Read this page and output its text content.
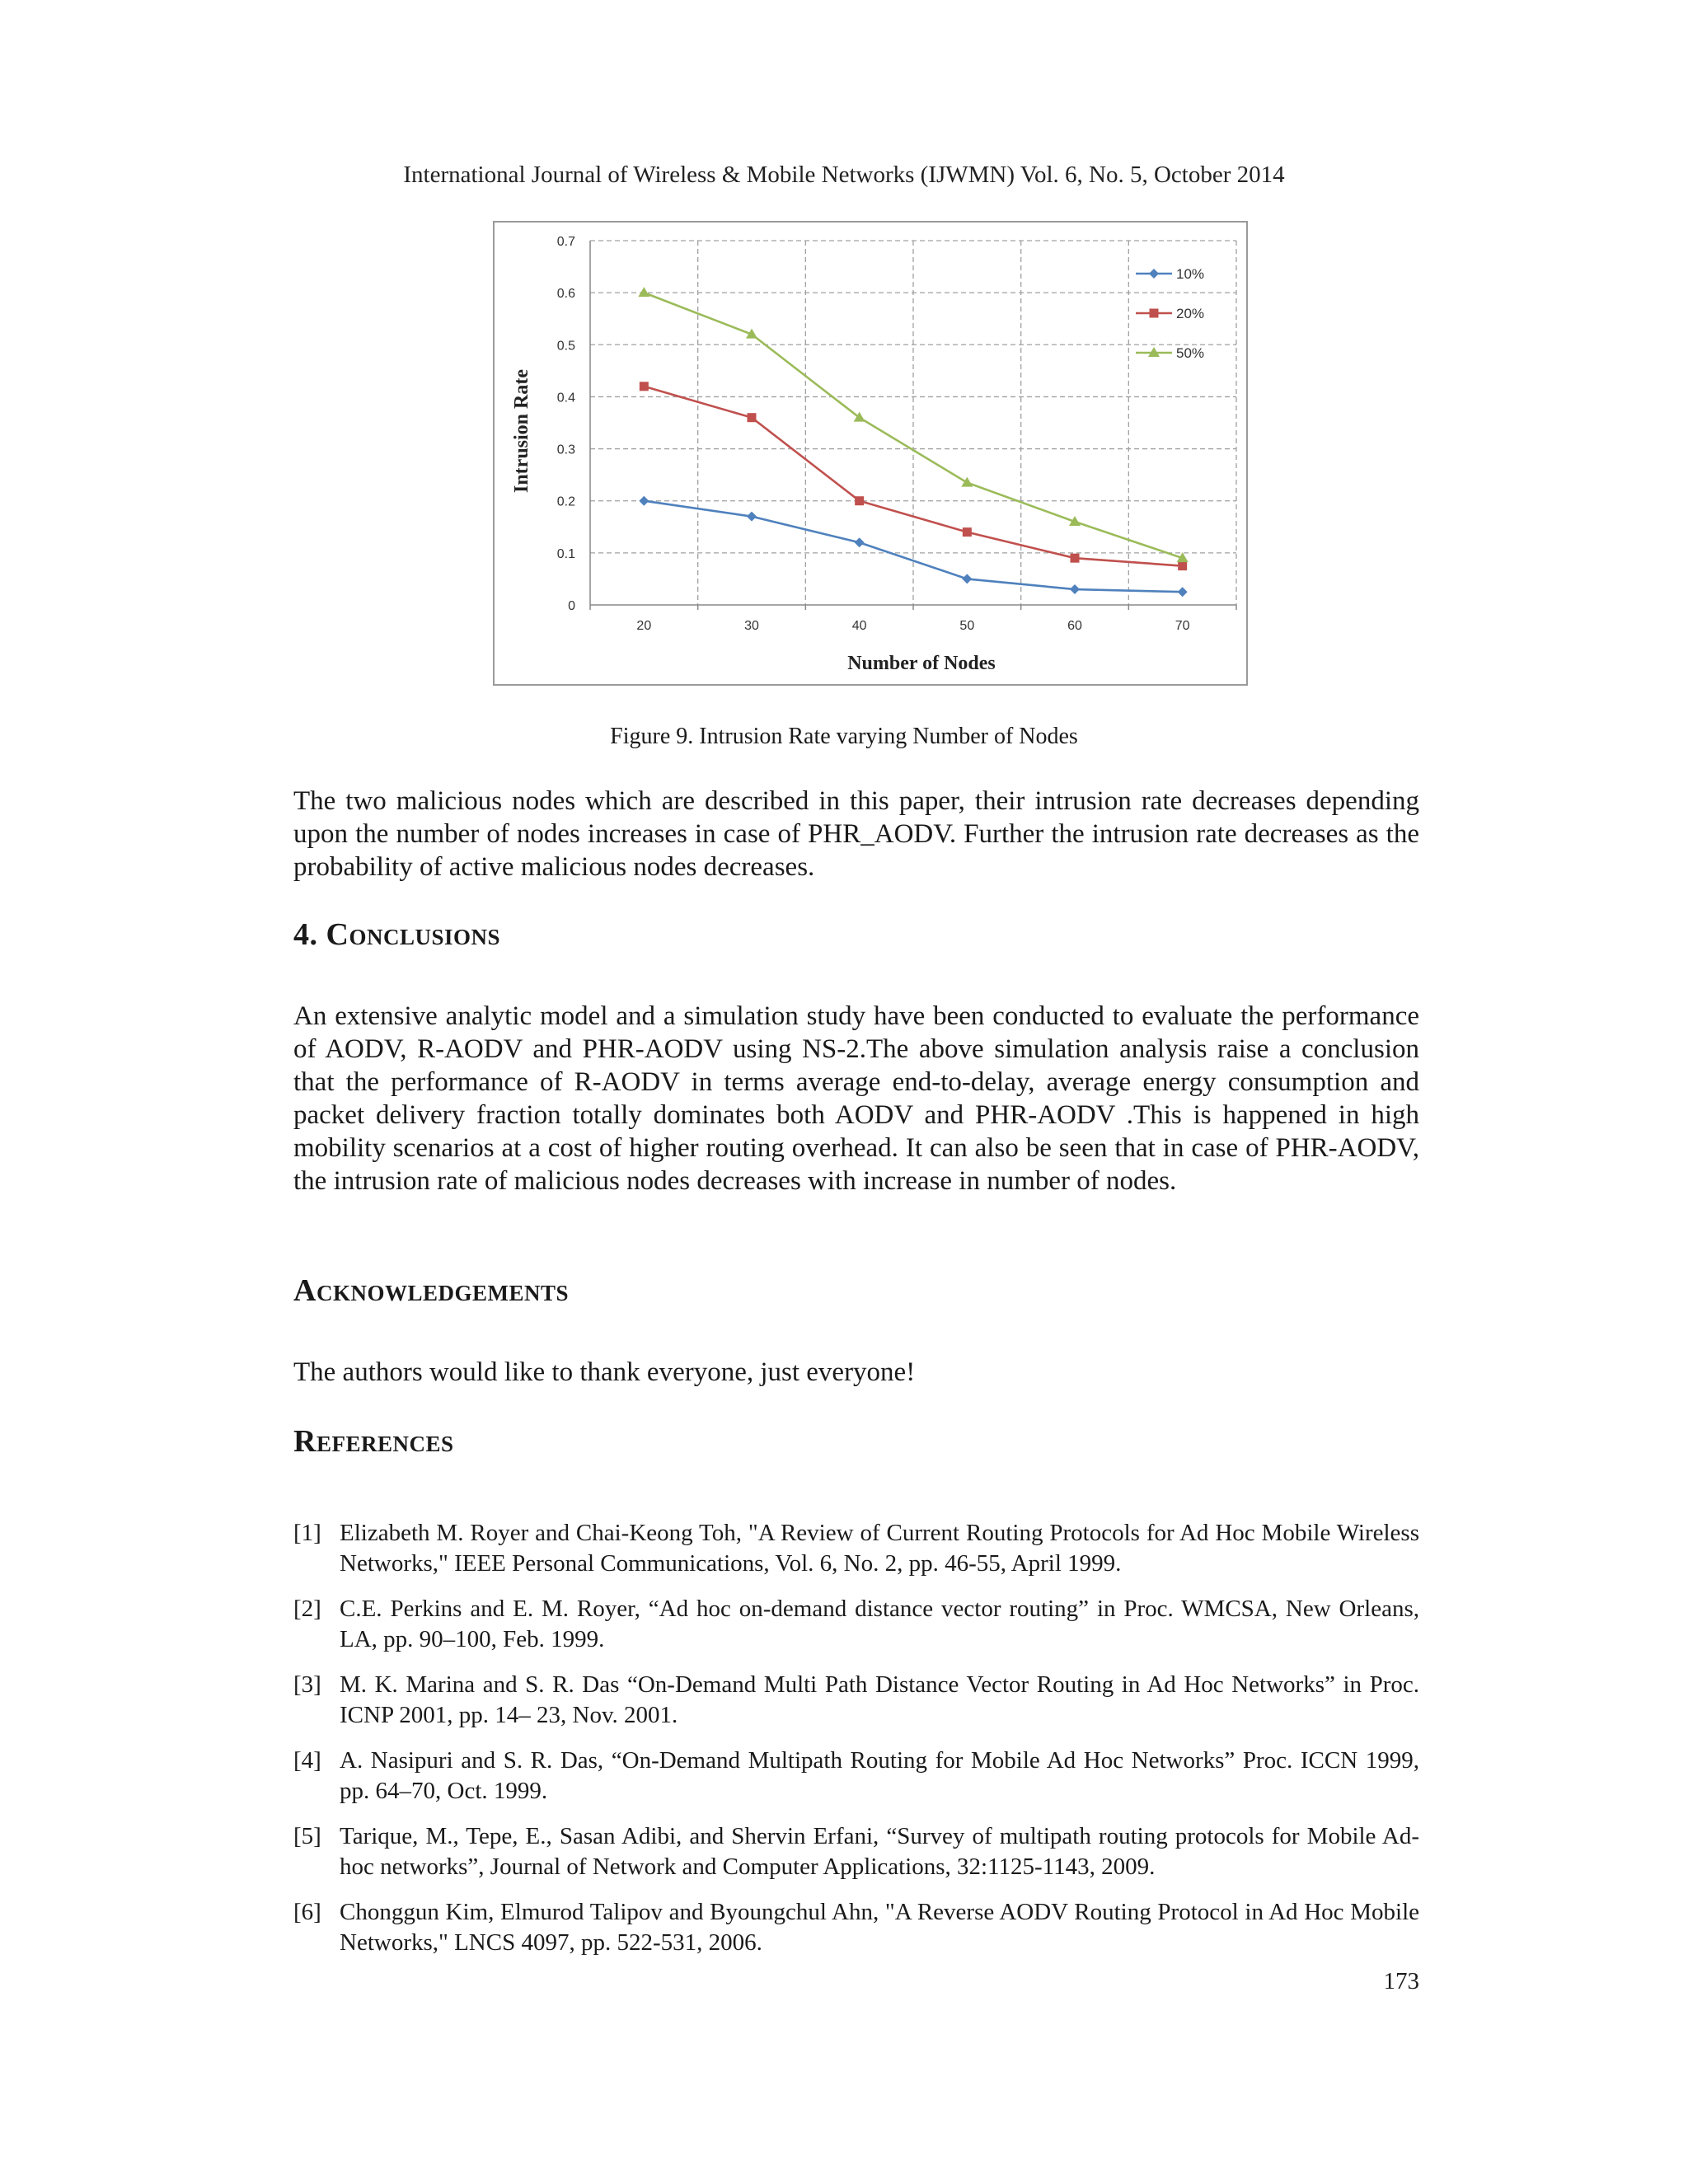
International Journal of Wireless & Mobile Networks (IJWMN) Vol. 6, No. 5, October 2014
0
0.1
0.2
0.3
0.4
0.5
0.6
0.7
20	30	40	50	60	70
Number of Nodes
Intrusion Rate
10%
20%
50%
Figure 9. Intrusion Rate varying Number of Nodes

The two malicious nodes which are described in this paper, their intrusion rate decreases depending upon the number of nodes increases in case of PHR_AODV. Further the intrusion rate decreases as the probability of active malicious nodes decreases.

4. Conclusions

An extensive analytic model and a simulation study have been conducted to evaluate the performance of AODV, R-AODV and PHR-AODV using NS-2.The above simulation analysis raise a conclusion that the performance of R-AODV in terms average end-to-delay, average energy consumption and packet delivery fraction totally dominates both AODV and PHR-AODV .This is happened in high mobility scenarios at a cost of higher routing overhead. It can also be seen that in case of PHR-AODV, the intrusion rate of malicious nodes decreases with increase in number of nodes.

Acknowledgements

The authors would like to thank everyone, just everyone!

References
[1] Elizabeth M. Royer and Chai-Keong Toh, "A Review of Current Routing Protocols for Ad Hoc Mobile Wireless Networks," IEEE Personal Communications, Vol. 6, No. 2, pp. 46-55, April 1999.
[2] C.E. Perkins and E. M. Royer, “Ad hoc on-demand distance vector routing” in Proc. WMCSA, New Orleans, LA, pp. 90–100, Feb. 1999.
[3] M. K. Marina and S. R. Das “On-Demand Multi Path Distance Vector Routing in Ad Hoc Networks” in Proc. ICNP 2001, pp. 14– 23, Nov. 2001.
[4] A. Nasipuri and S. R. Das, “On-Demand Multipath Routing for Mobile Ad Hoc Networks” Proc. ICCN 1999, pp. 64–70, Oct. 1999.
[5] Tarique, M., Tepe, E., Sasan Adibi, and Shervin Erfani, “Survey of multipath routing protocols for Mobile Ad-hoc networks”, Journal of Network and Computer Applications, 32:1125-1143, 2009.
[6] Chonggun Kim, Elmurod Talipov and Byoungchul Ahn, "A Reverse AODV Routing Protocol in Ad Hoc Mobile Networks," LNCS 4097, pp. 522-531, 2006.
173
